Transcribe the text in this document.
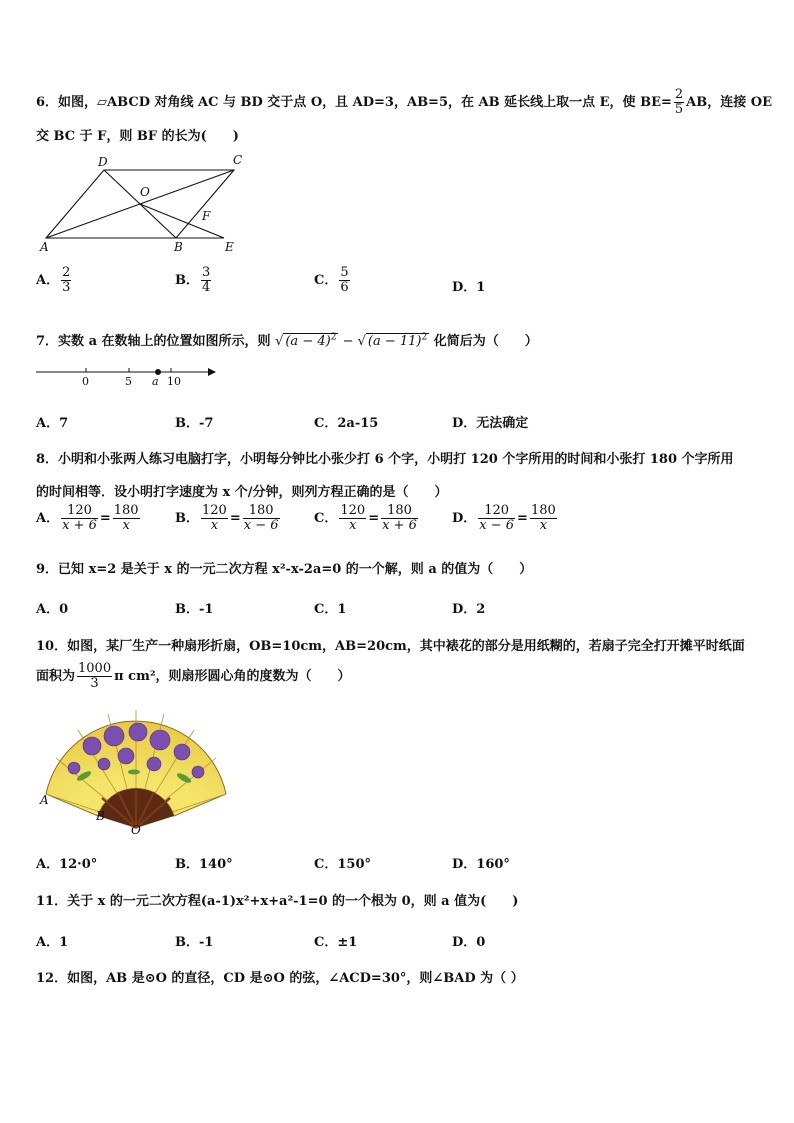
6．如图，▱ABCD 对角线 AC 与 BD 交于点 O，且 AD=3，AB=5，在 AB 延长线上取一点 E，使 $BE= \frac{2}{5}$ AB，连接 OE
交 BC 于 F，则 BF 的长为(　　)
D	C
O
F
A	B	E
A． $\frac{2}{3}$	B． $\frac{3}{4}$	C． $\frac{5}{6}$	D．1
7．实数 a 在数轴上的位置如图所示，则 √ $(a - 4)^2$ − √ $(a - 11)^2$ 化简后为（　　）
0	5 a 10
A．7	B．-7	C．2a-15	D．无法确定
8．小明和小张两人练习电脑打字，小明每分钟比小张少打 6 个字，小明打 120 个字所用的时间和小张打 180 个字所用
的时间相等．设小明打字速度为 x 个/分钟，则列方程正确的是（　　）
A． $\frac{120}{x + 6} = \frac{180}{x}$	B． $\frac{120}{x} = \frac{180}{x - 6}$	C． $\frac{120}{x} = \frac{180}{x + 6}$	D． $\frac{120}{x - 6} = \frac{180}{x}$
9．已知 x=2 是关于 x 的一元二次方程 x²-x-2a=0 的一个解，则 a 的值为（　　）
A．0	B．-1	C．1	D．2
10．如图，某厂生产一种扇形折扇，OB=10cm，AB=20cm，其中裱花的部分是用纸糊的，若扇子完全打开摊平时纸面
面积为 $\frac{1000}{3}$ π cm²，则扇形圆心角的度数为（　　）
A
B
O
A．12·0°	B．140°	C．150°	D．160°
11．关于 x 的一元二次方程(a-1)x²+x+a²-1=0 的一个根为 0，则 a 值为(　　)
A．1	B．-1	C．±1	D．0
12．如图，AB 是⊙O 的直径，CD 是⊙O 的弦，∠ACD=30°，则∠BAD 为（ ）
